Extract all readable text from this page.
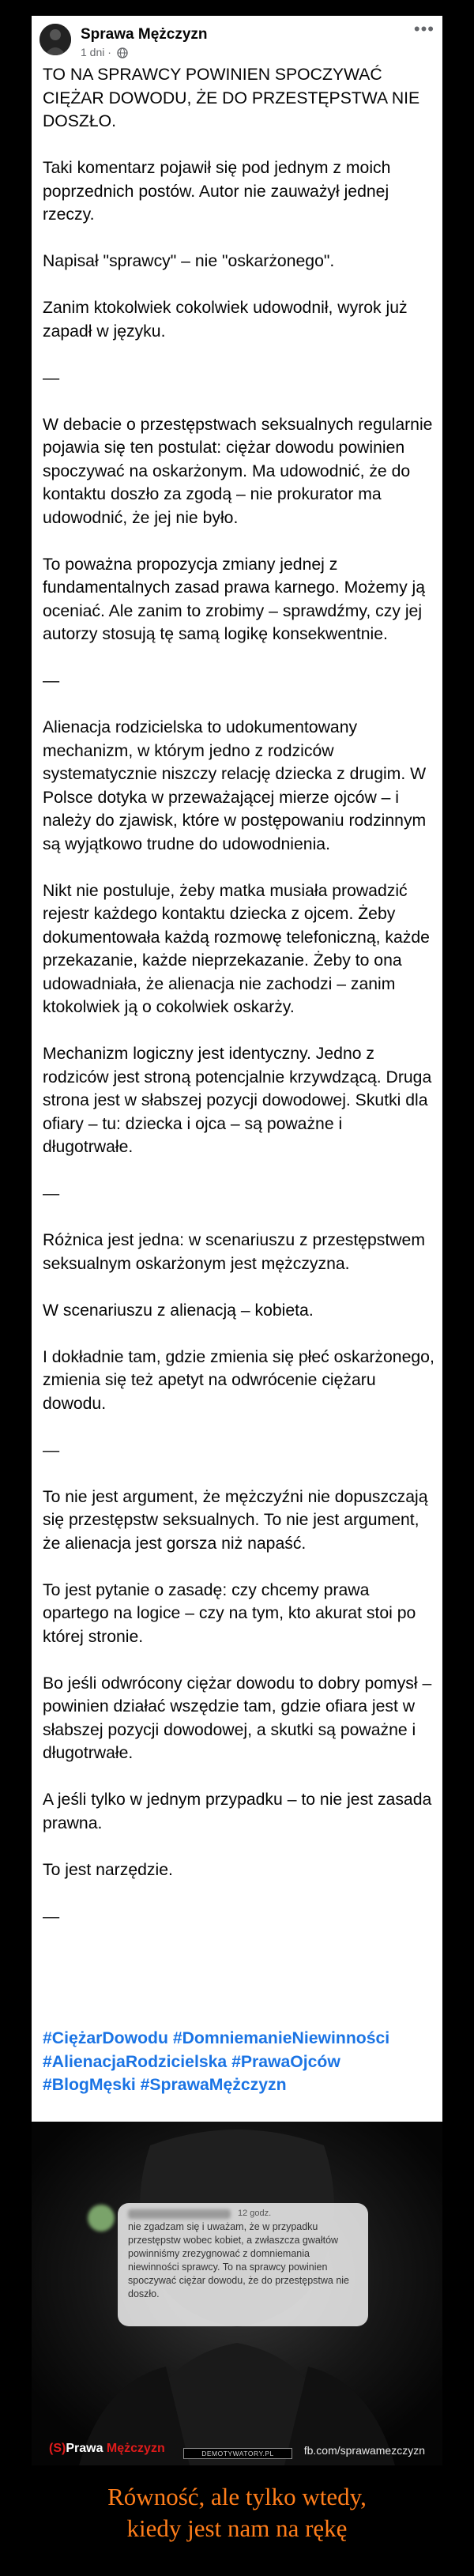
Sprawa Mężczyzn
1 dni ·
•••

TO NA SPRAWCY POWINIEN SPOCZYWAĆ CIĘŻAR DOWODU, ŻE DO PRZESTĘPSTWA NIE DOSZŁO.

Taki komentarz pojawił się pod jednym z moich poprzednich postów. Autor nie zauważył jednej rzeczy.

Napisał "sprawcy" – nie "oskarżonego".

Zanim ktokolwiek cokolwiek udowodnił, wyrok już zapadł w języku.

—

W debacie o przestępstwach seksualnych regularnie pojawia się ten postulat: ciężar dowodu powinien spoczywać na oskarżonym. Ma udowodnić, że do kontaktu doszło za zgodą – nie prokurator ma udowodnić, że jej nie było.

To poważna propozycja zmiany jednej z fundamentalnych zasad prawa karnego. Możemy ją oceniać. Ale zanim to zrobimy – sprawdźmy, czy jej autorzy stosują tę samą logikę konsekwentnie.

—

Alienacja rodzicielska to udokumentowany mechanizm, w którym jedno z rodziców systematycznie niszczy relację dziecka z drugim. W Polsce dotyka w przeważającej mierze ojców – i należy do zjawisk, które w postępowaniu rodzinnym są wyjątkowo trudne do udowodnienia.

Nikt nie postuluje, żeby matka musiała prowadzić rejestr każdego kontaktu dziecka z ojcem. Żeby dokumentowała każdą rozmowę telefoniczną, każde przekazanie, każde nieprzekazanie. Żeby to ona udowadniała, że alienacja nie zachodzi – zanim ktokolwiek ją o cokolwiek oskarży.

Mechanizm logiczny jest identyczny. Jedno z rodziców jest stroną potencjalnie krzywdzącą. Druga strona jest w słabszej pozycji dowodowej. Skutki dla ofiary – tu: dziecka i ojca – są poważne i długotrwałe.

—

Różnica jest jedna: w scenariuszu z przestępstwem seksualnym oskarżonym jest mężczyzna.

W scenariuszu z alienacją – kobieta.

I dokładnie tam, gdzie zmienia się płeć oskarżonego, zmienia się też apetyt na odwrócenie ciężaru dowodu.

—

To nie jest argument, że mężczyźni nie dopuszczają się przestępstw seksualnych. To nie jest argument, że alienacja jest gorsza niż napaść.

To jest pytanie o zasadę: czy chcemy prawa opartego na logice – czy na tym, kto akurat stoi po której stronie.

Bo jeśli odwrócony ciężar dowodu to dobry pomysł – powinien działać wszędzie tam, gdzie ofiara jest w słabszej pozycji dowodowej, a skutki są poważne i długotrwałe.

A jeśli tylko w jednym przypadku – to nie jest zasada prawna.

To jest narzędzie.

—

#CiężarDowodu #DomniemanieNiewinności
#AlienacjaRodzicielska #PrawaOjców
#BlogMęski #SprawaMężczyzn
12 godz.

nie zgadzam się i uważam, że w przypadku przestępstw wobec kobiet, a zwłaszcza gwałtów powinniśmy zrezygnować z domniemania niewinności sprawcy. To na sprawcy powinien spoczywać ciężar dowodu, że do przestępstwa nie doszło.

(S)Prawa Mężczyzn	fb.com/sprawamezczyzn
DEMOTYWATORY.PL
Równość, ale tylko wtedy,
kiedy jest nam na rękę
